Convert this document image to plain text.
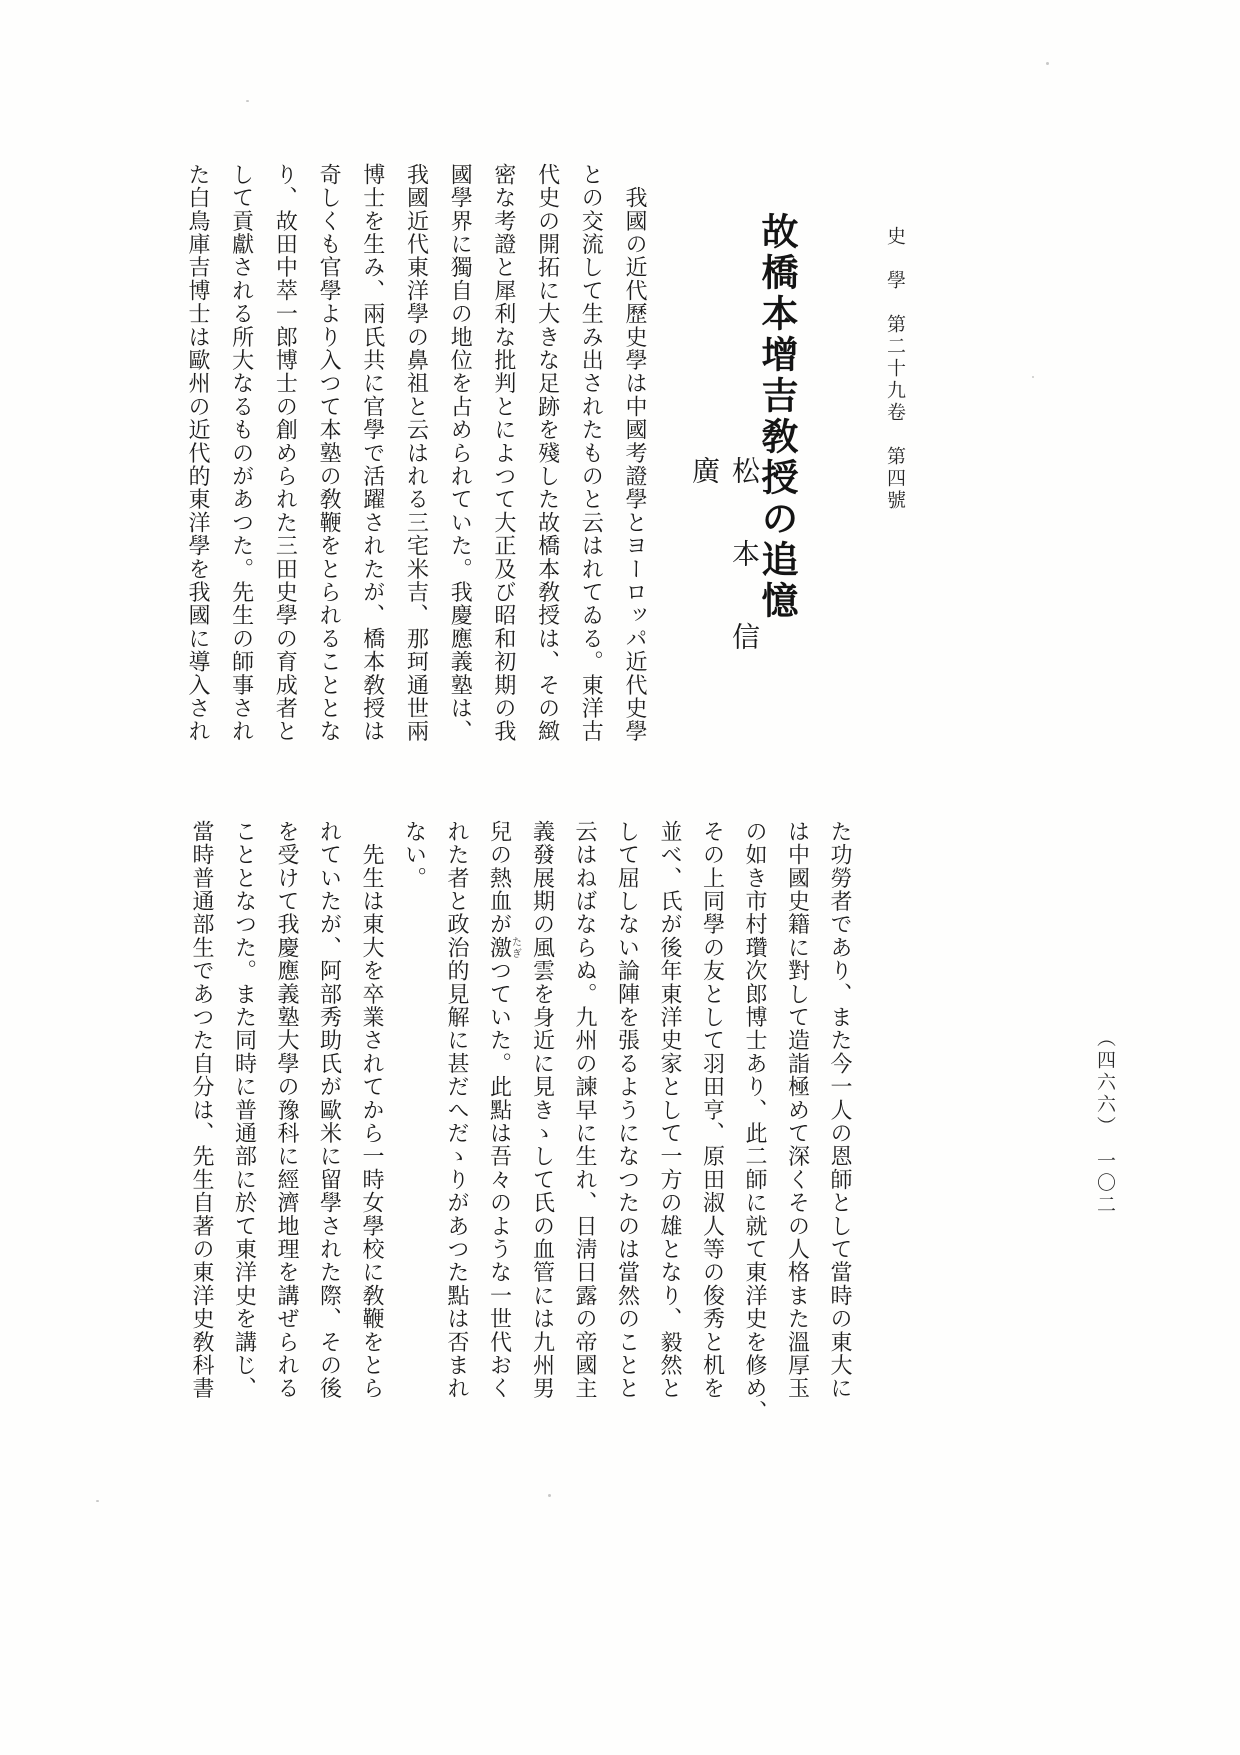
史　學　第二十九卷　第四號
故橋本增吉敎授の追憶
松本信廣
（四六六）　一〇二
　我國の近代歷史學は中國考證學とヨーロッパ近代史學
との交流して生み出されたものと云はれてゐる。東洋古
代史の開拓に大きな足跡を殘した故橋本敎授は、その緻
密な考證と犀利な批判とによつて大正及び昭和初期の我
國學界に獨自の地位を占められていた。我慶應義塾は、
我國近代東洋學の鼻祖と云はれる三宅米吉、那珂通世兩
博士を生み、兩氏共に官學で活躍されたが、橋本敎授は
奇しくも官學より入つて本塾の敎鞭をとられることとな
り、故田中萃一郎博士の創められた三田史學の育成者と
して貢獻される所大なるものがあつた。先生の師事され
た白鳥庫吉博士は歐州の近代的東洋學を我國に導入され
た功勞者であり、また今一人の恩師として當時の東大に
は中國史籍に對して造詣極めて深くその人格また溫厚玉
の如き市村瓚次郎博士あり、此二師に就て東洋史を修め、
その上同學の友として羽田亨、原田淑人等の俊秀と机を
並べ、氏が後年東洋史家として一方の雄となり、毅然と
して屈しない論陣を張るようになつたのは當然のことと
云はねばならぬ。九州の諫早に生れ、日淸日露の帝國主
義發展期の風雲を身近に見きゝして氏の血管には九州男
兒の熱血が激たぎつていた。此點は吾々のような一世代おく
れた者と政治的見解に甚だへだゝりがあつた點は否まれ
ない。
　先生は東大を卒業されてから一時女學校に敎鞭をとら
れていたが、阿部秀助氏が歐米に留學された際、その後
を受けて我慶應義塾大學の豫科に經濟地理を講ぜられる
こととなつた。また同時に普通部に於て東洋史を講じ、
當時普通部生であつた自分は、先生自著の東洋史敎科書
